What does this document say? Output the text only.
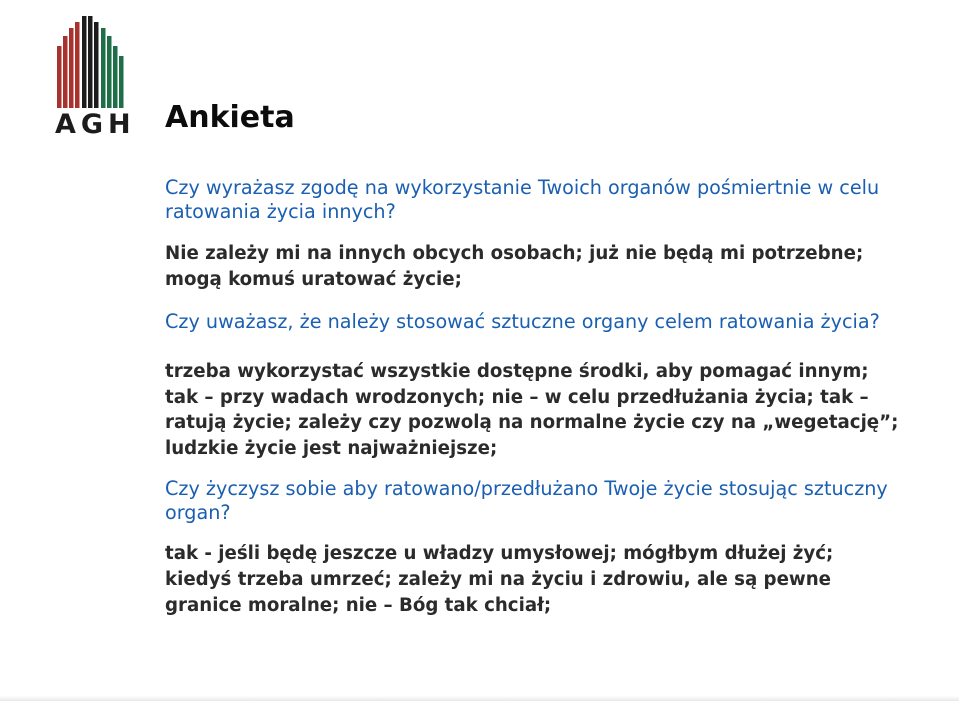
AGH Ankieta

Czy wyrażasz zgodę na wykorzystanie Twoich organów pośmiertnie w celu ratowania życia innych?

Nie zależy mi na innych obcych osobach; już nie będą mi potrzebne; mogą komuś uratować życie;

Czy uważasz, że należy stosować sztuczne organy celem ratowania życia?

trzeba wykorzystać wszystkie dostępne środki, aby pomagać innym; tak – przy wadach wrodzonych; nie – w celu przedłużania życia; tak – ratują życie; zależy czy pozwolą na normalne życie czy na „wegetację”; ludzkie życie jest najważniejsze;

Czy życzysz sobie aby ratowano/przedłużano Twoje życie stosując sztuczny organ?

tak - jeśli będę jeszcze u władzy umysłowej; mógłbym dłużej żyć; kiedyś trzeba umrzeć; zależy mi na życiu i zdrowiu, ale są pewne granice moralne; nie – Bóg tak chciał;
